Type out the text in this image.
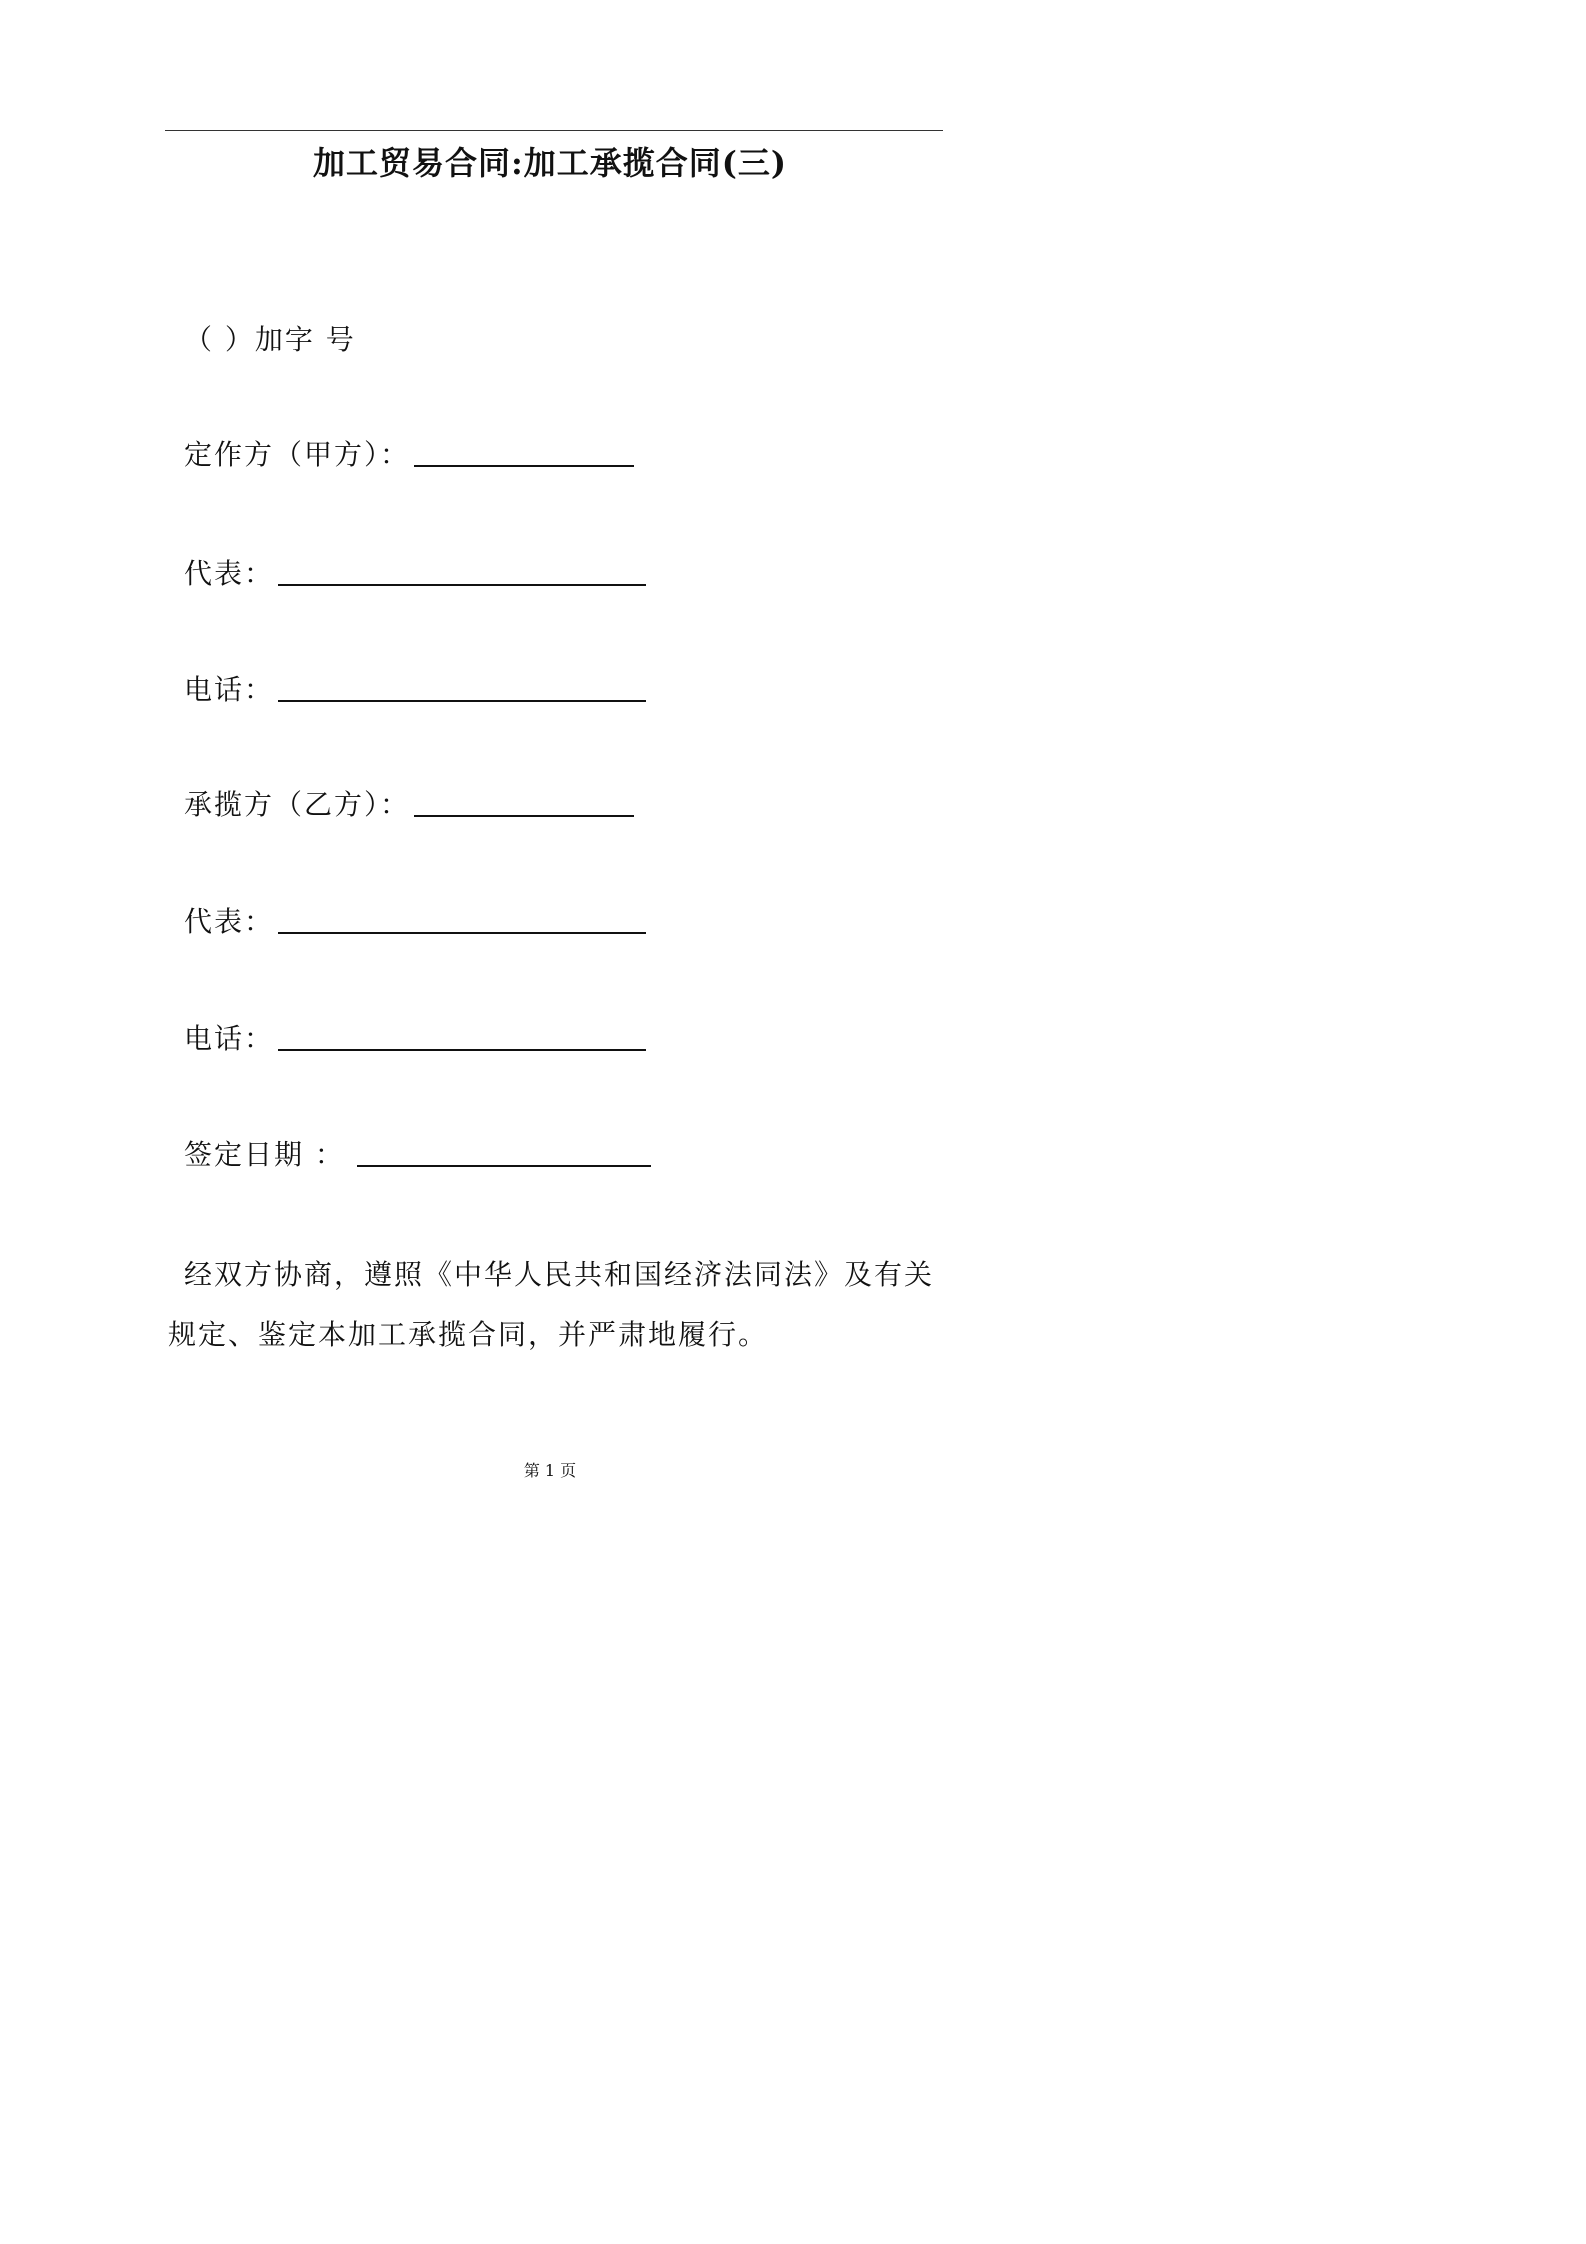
加工贸易合同:加工承揽合同(三)
（ ）加字 号
定作方（甲方）：
代表：
电话：
承揽方（乙方）：
代表：
电话：
签定日期 ：
经双方协商，遵照《中华人民共和国经济法同法》及有关
规定、鉴定本加工承揽合同，并严肃地履行。
第 1 页
